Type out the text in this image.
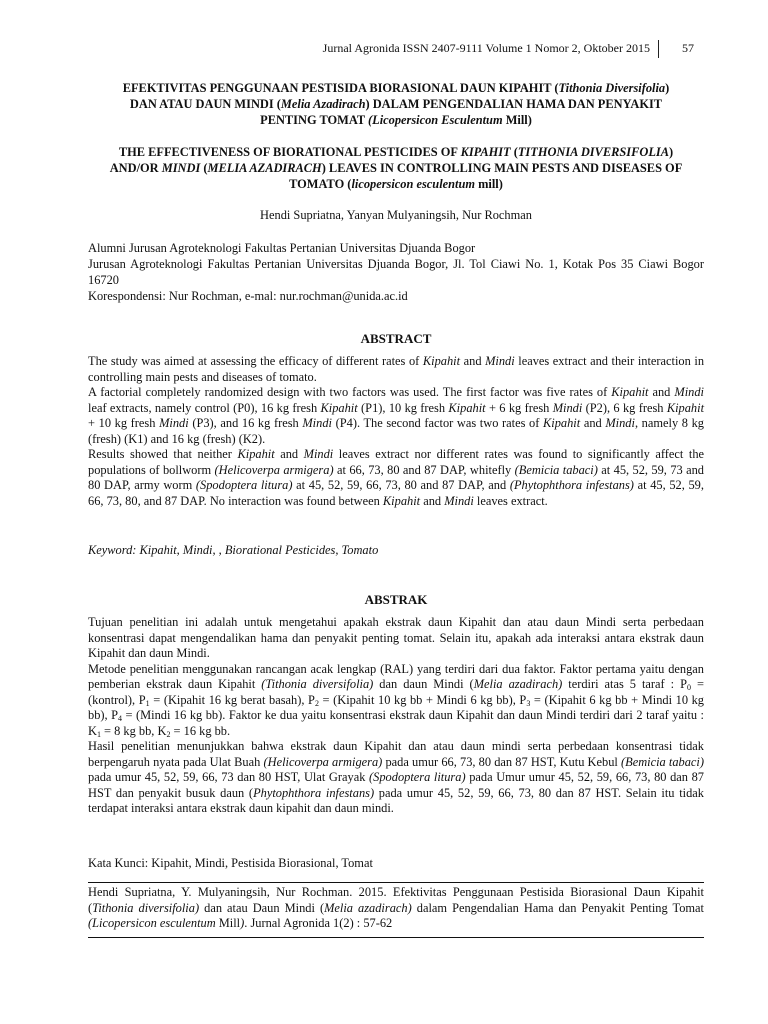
Jurnal Agronida ISSN 2407-9111 Volume 1 Nomor 2, Oktober 2015	57
EFEKTIVITAS PENGGUNAAN PESTISIDA BIORASIONAL DAUN KIPAHIT (Tithonia Diversifolia)
DAN ATAU DAUN MINDI (Melia Azadirach) DALAM PENGENDALIAN HAMA DAN PENYAKIT
PENTING TOMAT (Licopersicon Esculentum Mill)
THE EFFECTIVENESS OF BIORATIONAL PESTICIDES OF KIPAHIT (TITHONIA DIVERSIFOLIA)
AND/OR MINDI (MELIA AZADIRACH) LEAVES IN CONTROLLING MAIN PESTS AND DISEASES OF
TOMATO (licopersicon esculentum mill)
Hendi Supriatna, Yanyan Mulyaningsih, Nur Rochman
Alumni Jurusan Agroteknologi Fakultas Pertanian Universitas Djuanda Bogor
Jurusan Agroteknologi Fakultas Pertanian Universitas Djuanda Bogor, Jl. Tol Ciawi No. 1, Kotak Pos 35 Ciawi Bogor 16720
Korespondensi: Nur Rochman, e-mal: nur.rochman@unida.ac.id
ABSTRACT
The study was aimed at assessing the efficacy of different rates of Kipahit and Mindi leaves extract and their interaction in controlling main pests and diseases of tomato.
A factorial completely randomized design with two factors was used. The first factor was five rates of Kipahit and Mindi leaf extracts, namely control (P0), 16 kg fresh Kipahit (P1), 10 kg fresh Kipahit + 6 kg fresh Mindi (P2), 6 kg fresh Kipahit + 10 kg fresh Mindi (P3), and 16 kg fresh Mindi (P4). The second factor was two rates of Kipahit and Mindi, namely 8 kg (fresh) (K1) and 16 kg (fresh) (K2).
Results showed that neither Kipahit and Mindi leaves extract nor different rates was found to significantly affect the populations of bollworm (Helicoverpa armigera) at 66, 73, 80 and 87 DAP, whitefly (Bemicia tabaci) at 45, 52, 59, 73 and 80 DAP, army worm (Spodoptera litura) at 45, 52, 59, 66, 73, 80 and 87 DAP, and (Phytophthora infestans) at 45, 52, 59, 66, 73, 80, and 87 DAP. No interaction was found between Kipahit and Mindi leaves extract.
Keyword: Kipahit, Mindi, , Biorational Pesticides, Tomato
ABSTRAK
Tujuan penelitian ini adalah untuk mengetahui apakah ekstrak daun Kipahit dan atau daun Mindi serta perbedaan konsentrasi dapat mengendalikan hama dan penyakit penting tomat. Selain itu, apakah ada interaksi antara ekstrak daun Kipahit dan daun Mindi.
Metode penelitian menggunakan rancangan acak lengkap (RAL) yang terdiri dari dua faktor. Faktor pertama yaitu dengan pemberian ekstrak daun Kipahit (Tithonia diversifolia) dan daun Mindi (Melia azadirach) terdiri atas 5 taraf : $P_0$ = (kontrol), $P_1$ = (Kipahit 16 kg berat basah), $P_2$ = (Kipahit 10 kg bb + Mindi 6 kg bb), $P_3$ = (Kipahit 6 kg bb + Mindi 10 kg bb), $P_4$ = (Mindi 16 kg bb). Faktor ke dua yaitu konsentrasi ekstrak daun Kipahit dan daun Mindi terdiri dari 2 taraf yaitu : $K_1 = 8$ kg bb, $K_2 = 16$ kg bb.
Hasil penelitian menunjukkan bahwa ekstrak daun Kipahit dan atau daun mindi serta perbedaan konsentrasi tidak berpengaruh nyata pada Ulat Buah (Helicoverpa armigera) pada umur 66, 73, 80 dan 87 HST, Kutu Kebul (Bemicia tabaci) pada umur 45, 52, 59, 66, 73 dan 80 HST, Ulat Grayak (Spodoptera litura) pada Umur umur 45, 52, 59, 66, 73, 80 dan 87 HST dan penyakit busuk daun (Phytophthora infestans) pada umur 45, 52, 59, 66, 73, 80 dan 87 HST. Selain itu tidak terdapat interaksi antara ekstrak daun kipahit dan daun mindi.
Kata Kunci: Kipahit, Mindi, Pestisida Biorasional, Tomat
Hendi Supriatna, Y. Mulyaningsih, Nur Rochman. 2015. Efektivitas Penggunaan Pestisida Biorasional Daun Kipahit (Tithonia diversifolia) dan atau Daun Mindi (Melia azadirach) dalam Pengendalian Hama dan Penyakit Penting Tomat (Licopersicon esculentum Mill). Jurnal Agronida 1(2) : 57-62
